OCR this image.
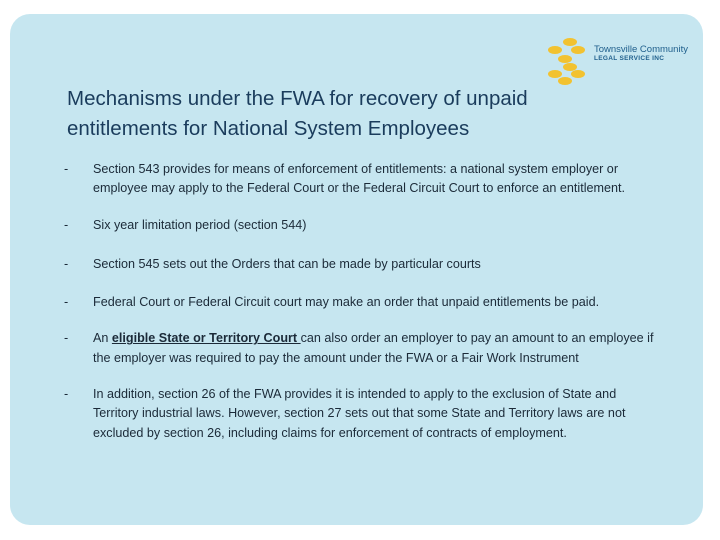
Townsville Community
LEGAL SERVICE INC
Mechanisms under the FWA for recovery of unpaid entitlements for National System Employees
-	Section 543 provides for means of enforcement of entitlements: a national system employer or employee may apply to the Federal Court or the Federal Circuit Court to enforce an entitlement.
-	Six year limitation period (section 544)
-	Section 545 sets out the Orders that can be made by particular courts
-	Federal Court or Federal Circuit court may make an order that unpaid entitlements be paid.
-	An eligible State or Territory Court can also order an employer to pay an amount to an employee if the employer was required to pay the amount under the FWA or a Fair Work Instrument
-	In addition, section 26 of the FWA provides it is intended to apply to the exclusion of State and Territory industrial laws. However, section 27 sets out that some State and Territory laws are not excluded by section 26, including claims for enforcement of contracts of employment.
